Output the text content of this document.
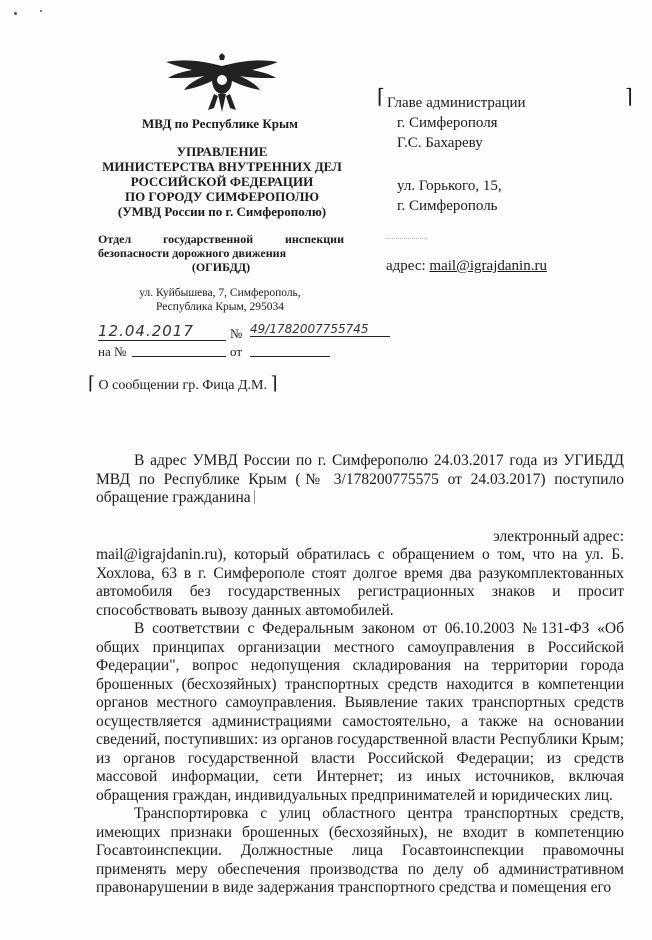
МВД по Республике Крым
УПРАВЛЕНИЕ
МИНИСТЕРСТВА ВНУТРЕННИХ ДЕЛ
РОССИЙСКОЙ ФЕДЕРАЦИИ
ПО ГОРОДУ СИМФЕРОПОЛЮ
(УМВД России по г. Симферополю)
Отдел государственной инспекции
безопасности дорожного движения
(ОГИБДД)
ул. Куйбышева, 7, Симферополь,
Республика Крым, 295034
12.04.2017	№ 49/1782007755745
на №	от
⌈ О сообщении гр. Фица Д.М. ⌉
⌈	⌉
Главе администрации
г. Симферополя
Г.С. Бахареву
ул. Горького, 15,
г. Симферополь
адрес: mail@igrajdanin.ru
В адрес УМВД России по г. Симферополю 24.03.2017 года из УГИБДД
МВД по Республике Крым (№ 3/178200775575 от 24.03.2017) поступило
обращение гражданина
электронный адрес:
mail@igrajdanin.ru), который обратилась с обращением о том, что на ул. Б. Хохлова, 63 в г. Симферополе стоят долгое время два разукомплектованных автомобиля без государственных регистрационных знаков и просит способствовать вывозу данных автомобилей.
В соответствии с Федеральным законом от 06.10.2003 №131-ФЗ «Об общих принципах организации местного самоуправления в Российской Федерации", вопрос недопущения складирования на территории города брошенных (бесхозяйных) транспортных средств находится в компетенции органов местного самоуправления. Выявление таких транспортных средств осуществляется администрациями самостоятельно, а также на основании сведений, поступивших: из органов государственной власти Республики Крым; из органов государственной власти Российской Федерации; из средств массовой информации, сети Интернет; из иных источников, включая обращения граждан, индивидуальных предпринимателей и юридических лиц.
Транспортировка с улиц областного центра транспортных средств, имеющих признаки брошенных (бесхозяйных), не входит в компетенцию Госавтоинспекции. Должностные лица Госавтоинспекции правомочны применять меру обеспечения производства по делу об административном правонарушении в виде задержания транспортного средства и помещения его
